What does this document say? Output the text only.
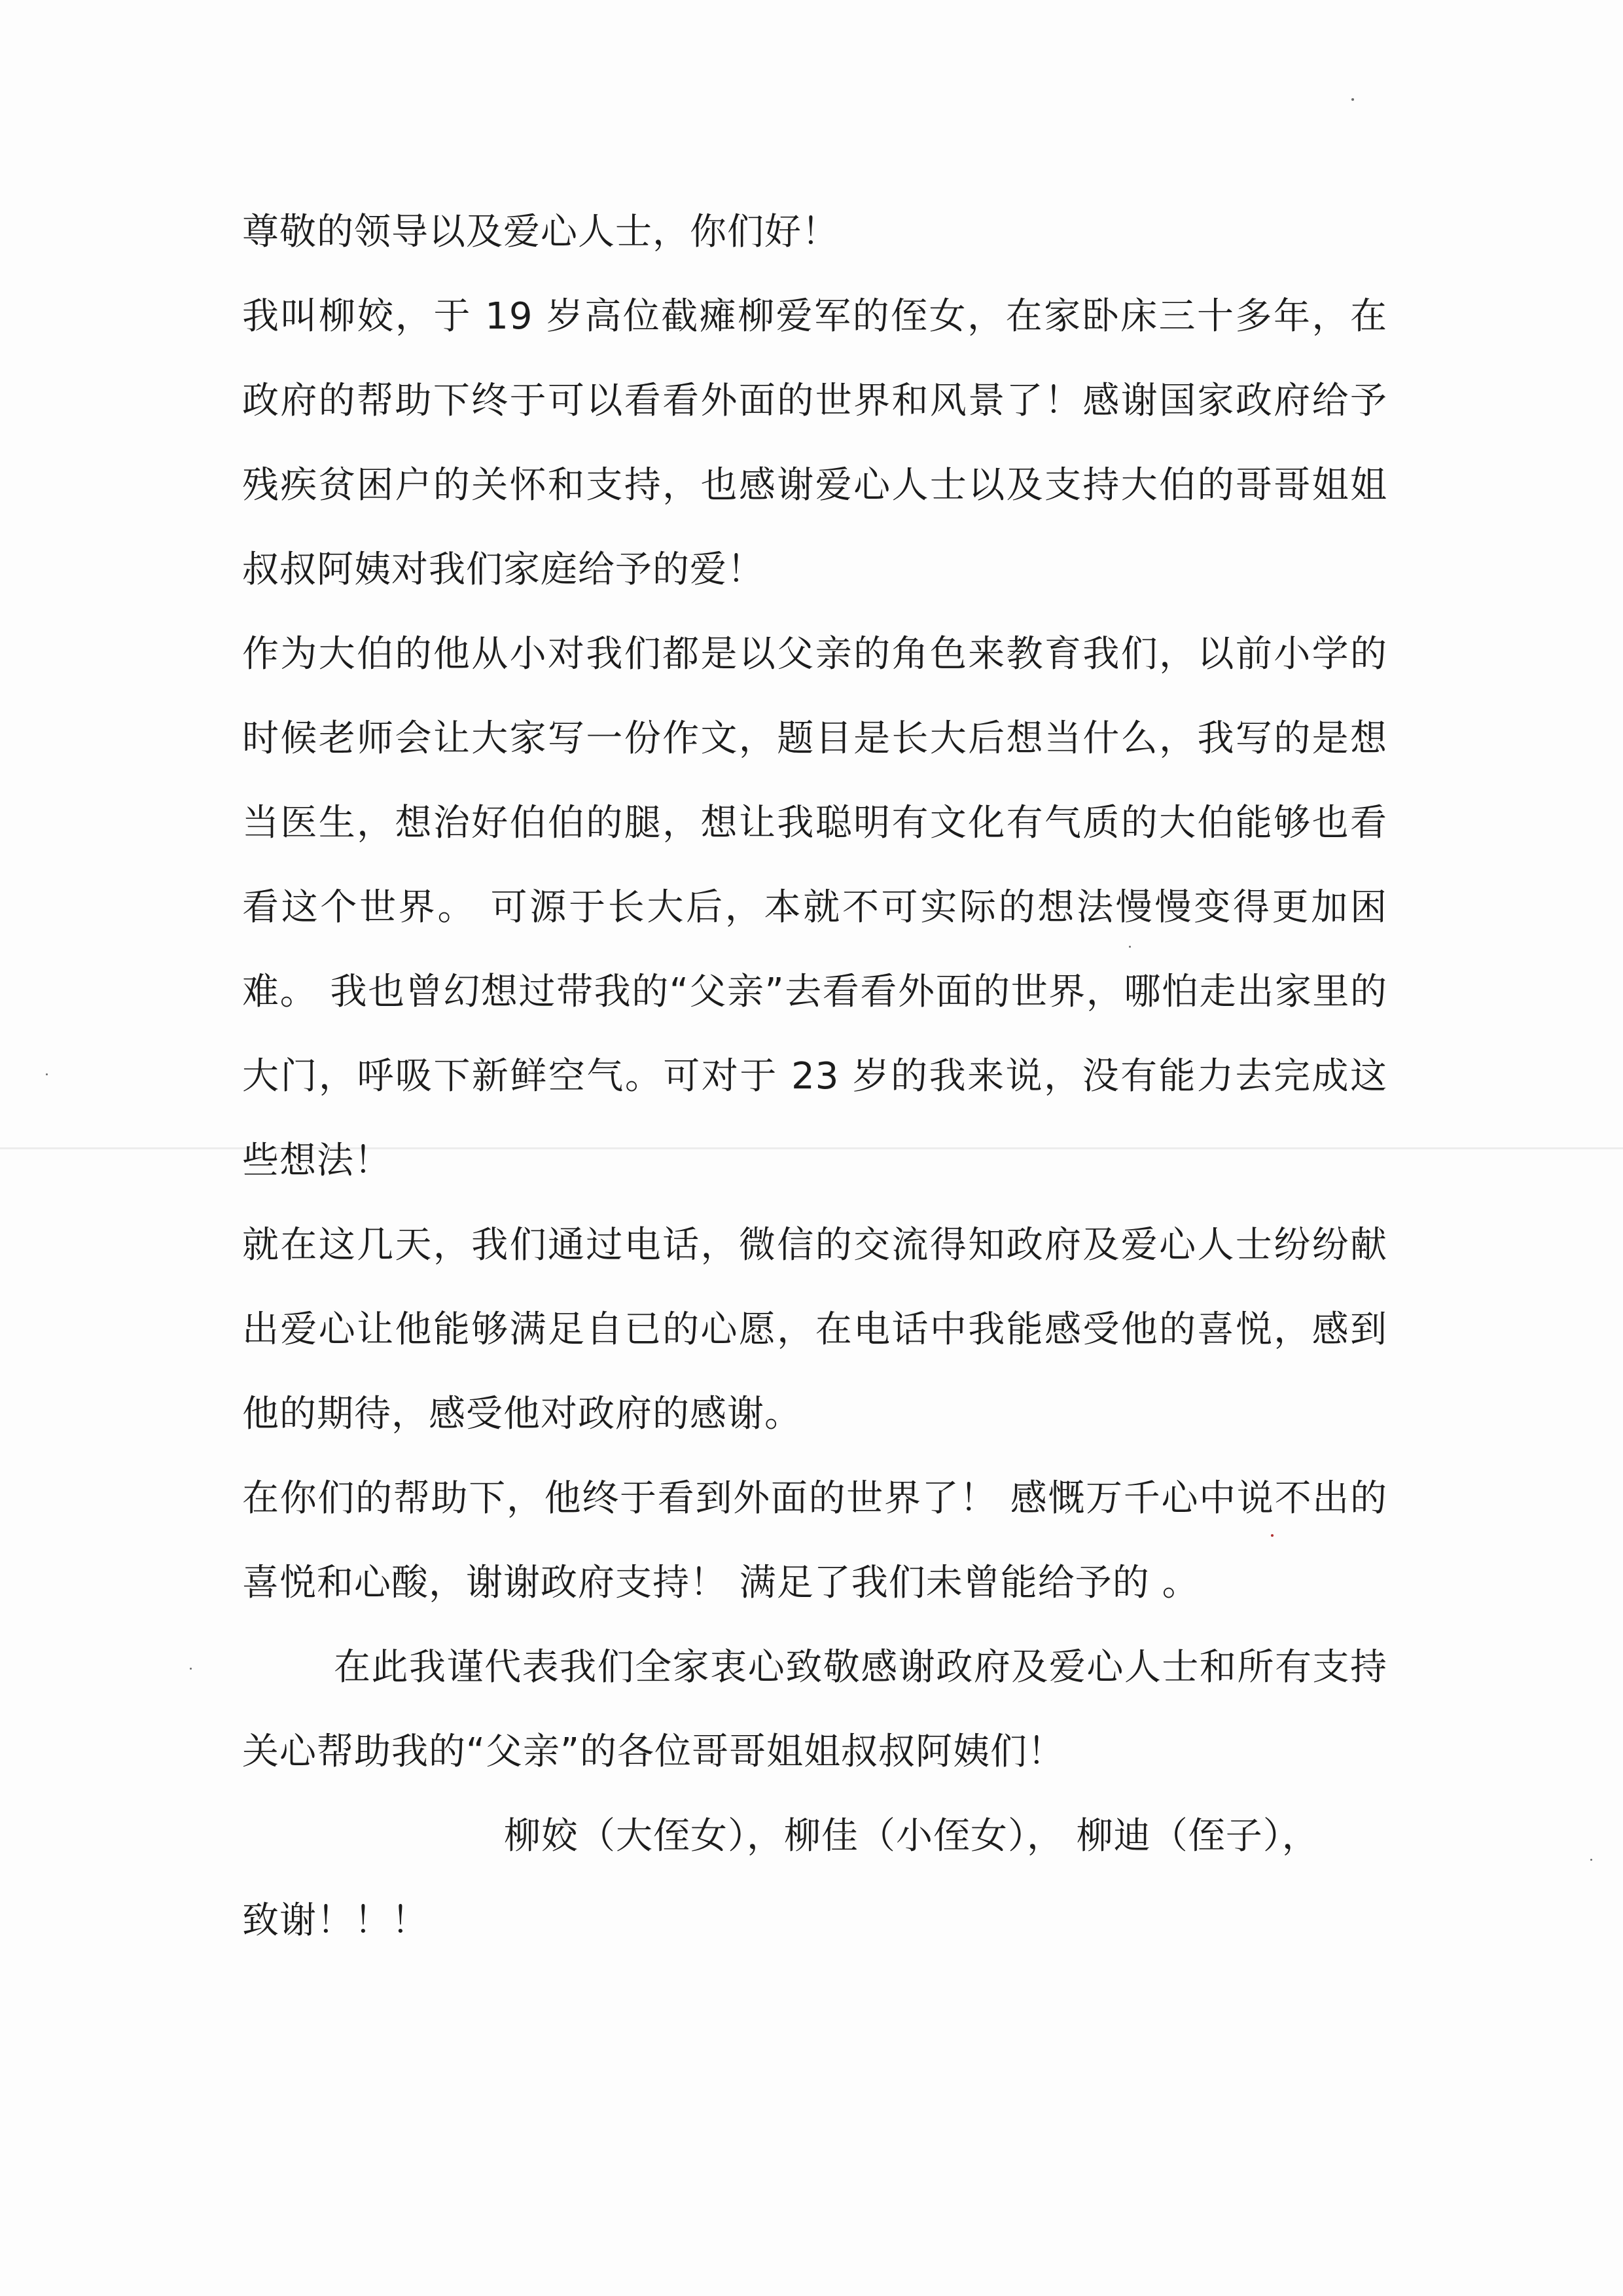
尊敬的领导以及爱心人士，你们好！

我叫柳姣，于 19 岁高位截瘫柳爱军的侄女，在家卧床三十多年，在政府的帮助下终于可以看看外面的世界和风景了！感谢国家政府给予残疾贫困户的关怀和支持，也感谢爱心人士以及支持大伯的哥哥姐姐叔叔阿姨对我们家庭给予的爱！

作为大伯的他从小对我们都是以父亲的角色来教育我们，以前小学的时候老师会让大家写一份作文，题目是长大后想当什么，我写的是想当医生，想治好伯伯的腿，想让我聪明有文化有气质的大伯能够也看看这个世界。 可源于长大后，本就不可实际的想法慢慢变得更加困难。 我也曾幻想过带我的“父亲”去看看外面的世界，哪怕走出家里的大门，呼吸下新鲜空气。可对于 23 岁的我来说，没有能力去完成这些想法！

就在这几天，我们通过电话，微信的交流得知政府及爱心人士纷纷献出爱心让他能够满足自已的心愿，在电话中我能感受他的喜悦，感到他的期待，感受他对政府的感谢。

在你们的帮助下，他终于看到外面的世界了！ 感慨万千心中说不出的喜悦和心酸，谢谢政府支持！ 满足了我们未曾能给予的 。

在此我谨代表我们全家衷心致敬感谢政府及爱心人士和所有支持关心帮助我的“父亲”的各位哥哥姐姐叔叔阿姨们！

柳姣（大侄女），柳佳（小侄女）， 柳迪（侄子），

致谢！！！
